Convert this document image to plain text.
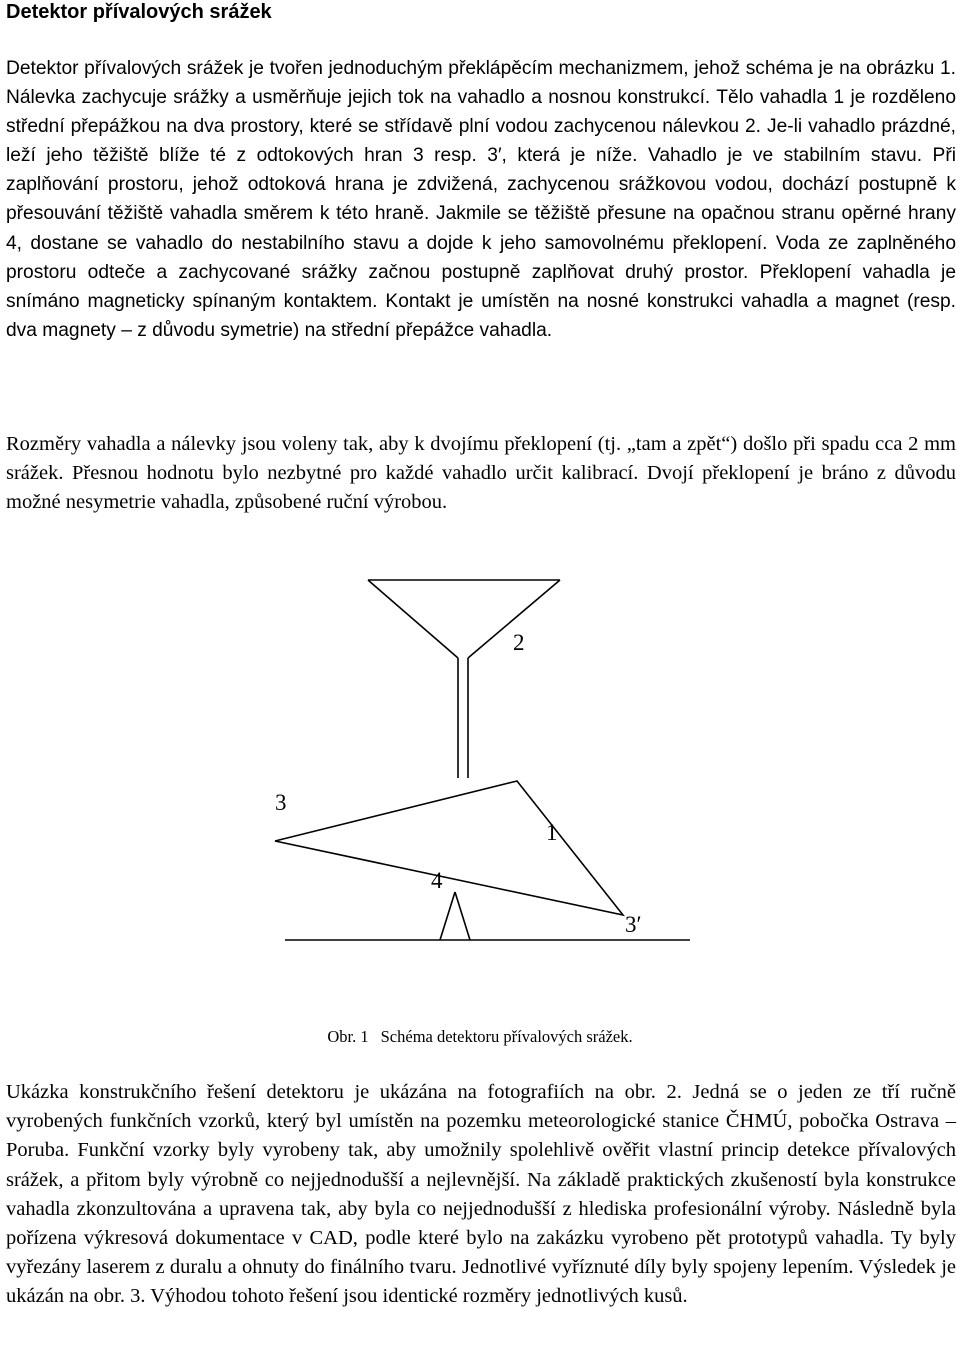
Detektor přívalových srážek

Detektor přívalových srážek je tvořen jednoduchým překlápěcím mechanizmem, jehož schéma je na obrázku 1. Nálevka zachycuje srážky a usměrňuje jejich tok na vahadlo a nosnou konstrukcí. Tělo vahadla 1 je rozděleno střední přepážkou na dva prostory, které se střídavě plní vodou zachycenou nálevkou 2. Je-li vahadlo prázdné, leží jeho těžiště blíže té z odtokových hran 3 resp. 3′, která je níže. Vahadlo je ve stabilním stavu. Při zaplňování prostoru, jehož odtoková hrana je zdvižená, zachycenou srážkovou vodou, dochází postupně k přesouvání těžiště vahadla směrem k této hraně. Jakmile se těžiště přesune na opačnou stranu opěrné hrany 4, dostane se vahadlo do nestabilního stavu a dojde k jeho samovolnému překlopení. Voda ze zaplněného prostoru odteče a zachycované srážky začnou postupně zaplňovat druhý prostor. Překlopení vahadla je snímáno magneticky spínaným kontaktem. Kontakt je umístěn na nosné konstrukci vahadla a magnet (resp. dva magnety – z důvodu symetrie) na střední přepážce vahadla.

Rozměry vahadla a nálevky jsou voleny tak, aby k dvojímu překlopení (tj. „tam a zpět“) došlo při spadu cca 2 mm srážek. Přesnou hodnotu bylo nezbytné pro každé vahadlo určit kalibrací. Dvojí překlopení je bráno z důvodu možné nesymetrie vahadla, způsobené ruční výrobou.

2
3
1
4
3′

Obr. 1 Schéma detektoru přívalových srážek.

Ukázka konstrukčního řešení detektoru je ukázána na fotografiích na obr. 2. Jedná se o jeden ze tří ručně vyrobených funkčních vzorků, který byl umístěn na pozemku meteorologické stanice ČHMÚ, pobočka Ostrava – Poruba. Funkční vzorky byly vyrobeny tak, aby umožnily spolehlivě ověřit vlastní princip detekce přívalových srážek, a přitom byly výrobně co nejjednodušší a nejlevnější. Na základě praktických zkušeností byla konstrukce vahadla zkonzultována a upravena tak, aby byla co nejjednodušší z hlediska profesionální výroby. Následně byla pořízena výkresová dokumentace v CAD, podle které bylo na zakázku vyrobeno pět prototypů vahadla. Ty byly vyřezány laserem z duralu a ohnuty do finálního tvaru. Jednotlivé vyříznuté díly byly spojeny lepením. Výsledek je ukázán na obr. 3. Výhodou tohoto řešení jsou identické rozměry jednotlivých kusů.
